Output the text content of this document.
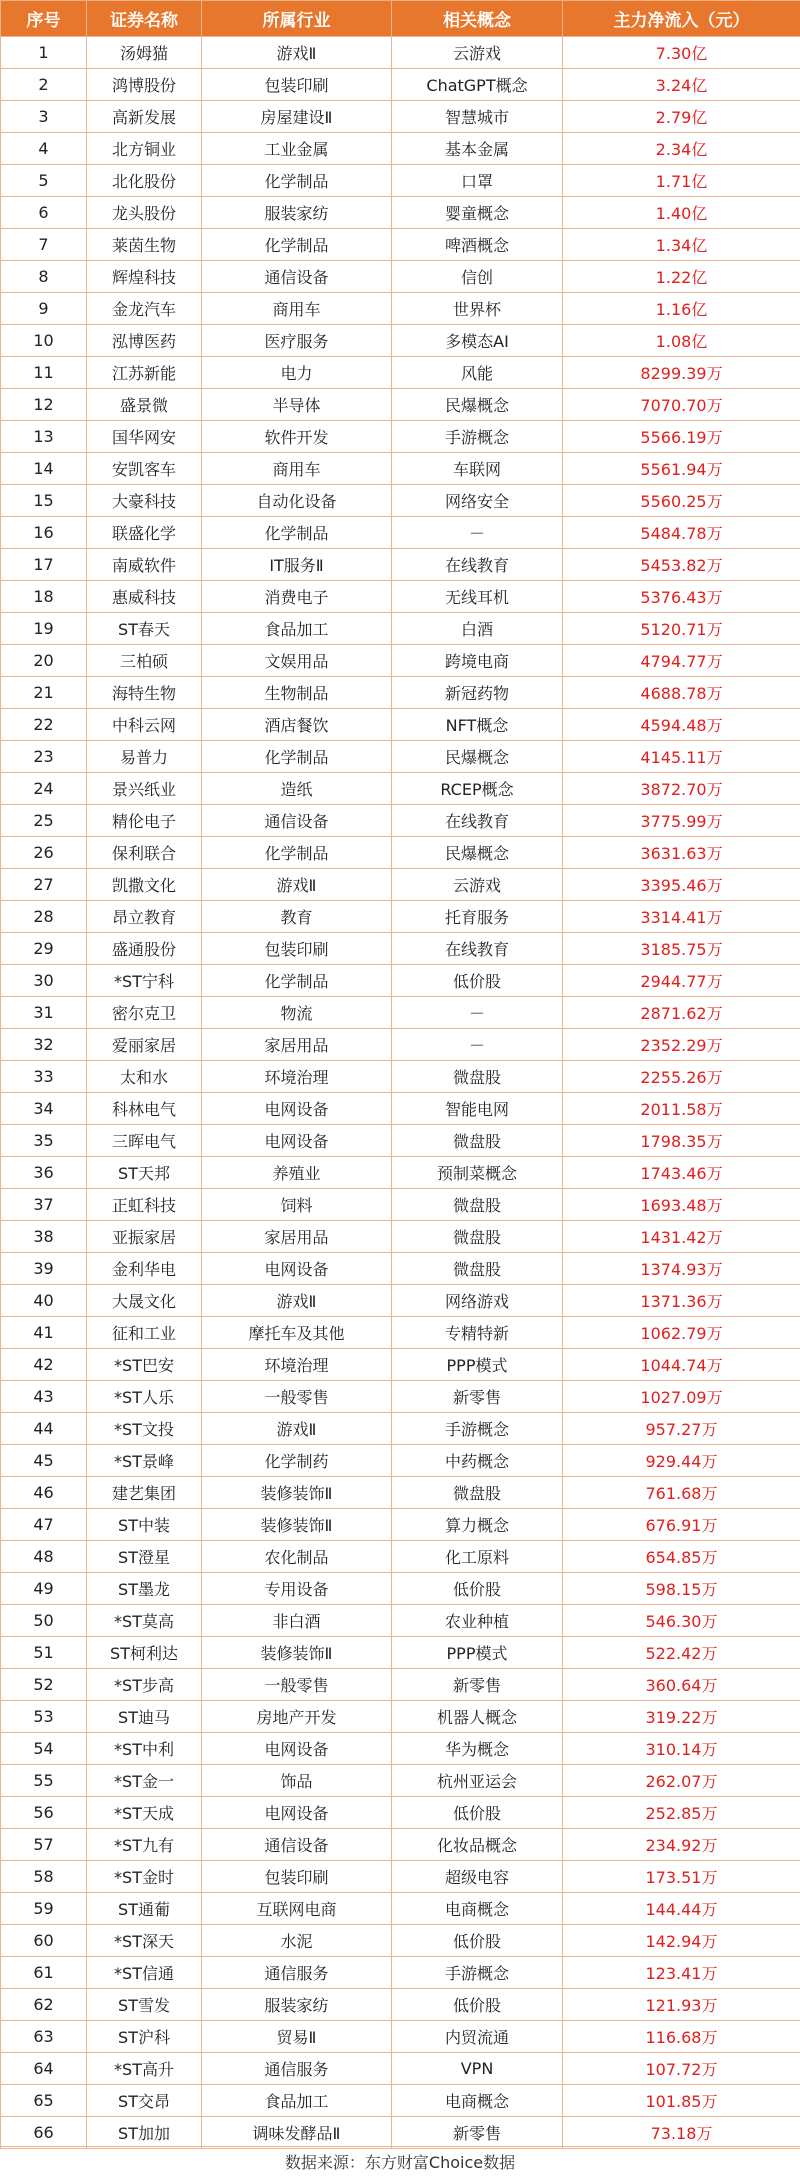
序号	证券名称	所属行业	相关概念	主力净流入（元）
1	汤姆猫	游戏Ⅱ	云游戏	7.30亿
2	鸿博股份	包装印刷	ChatGPT概念	3.24亿
3	高新发展	房屋建设Ⅱ	智慧城市	2.79亿
4	北方铜业	工业金属	基本金属	2.34亿
5	北化股份	化学制品	口罩	1.71亿
6	龙头股份	服装家纺	婴童概念	1.40亿
7	莱茵生物	化学制品	啤酒概念	1.34亿
8	辉煌科技	通信设备	信创	1.22亿
9	金龙汽车	商用车	世界杯	1.16亿
10	泓博医药	医疗服务	多模态AI	1.08亿
11	江苏新能	电力	风能	8299.39万
12	盛景微	半导体	民爆概念	7070.70万
13	国华网安	软件开发	手游概念	5566.19万
14	安凯客车	商用车	车联网	5561.94万
15	大豪科技	自动化设备	网络安全	5560.25万
16	联盛化学	化学制品	－	5484.78万
17	南威软件	IT服务Ⅱ	在线教育	5453.82万
18	惠威科技	消费电子	无线耳机	5376.43万
19	ST春天	食品加工	白酒	5120.71万
20	三柏硕	文娱用品	跨境电商	4794.77万
21	海特生物	生物制品	新冠药物	4688.78万
22	中科云网	酒店餐饮	NFT概念	4594.48万
23	易普力	化学制品	民爆概念	4145.11万
24	景兴纸业	造纸	RCEP概念	3872.70万
25	精伦电子	通信设备	在线教育	3775.99万
26	保利联合	化学制品	民爆概念	3631.63万
27	凯撒文化	游戏Ⅱ	云游戏	3395.46万
28	昂立教育	教育	托育服务	3314.41万
29	盛通股份	包装印刷	在线教育	3185.75万
30	*ST宁科	化学制品	低价股	2944.77万
31	密尔克卫	物流	－	2871.62万
32	爱丽家居	家居用品	－	2352.29万
33	太和水	环境治理	微盘股	2255.26万
34	科林电气	电网设备	智能电网	2011.58万
35	三晖电气	电网设备	微盘股	1798.35万
36	ST天邦	养殖业	预制菜概念	1743.46万
37	正虹科技	饲料	微盘股	1693.48万
38	亚振家居	家居用品	微盘股	1431.42万
39	金利华电	电网设备	微盘股	1374.93万
40	大晟文化	游戏Ⅱ	网络游戏	1371.36万
41	征和工业	摩托车及其他	专精特新	1062.79万
42	*ST巴安	环境治理	PPP模式	1044.74万
43	*ST人乐	一般零售	新零售	1027.09万
44	*ST文投	游戏Ⅱ	手游概念	957.27万
45	*ST景峰	化学制药	中药概念	929.44万
46	建艺集团	装修装饰Ⅱ	微盘股	761.68万
47	ST中装	装修装饰Ⅱ	算力概念	676.91万
48	ST澄星	农化制品	化工原料	654.85万
49	ST墨龙	专用设备	低价股	598.15万
50	*ST莫高	非白酒	农业种植	546.30万
51	ST柯利达	装修装饰Ⅱ	PPP模式	522.42万
52	*ST步高	一般零售	新零售	360.64万
53	ST迪马	房地产开发	机器人概念	319.22万
54	*ST中利	电网设备	华为概念	310.14万
55	*ST金一	饰品	杭州亚运会	262.07万
56	*ST天成	电网设备	低价股	252.85万
57	*ST九有	通信设备	化妆品概念	234.92万
58	*ST金时	包装印刷	超级电容	173.51万
59	ST通葡	互联网电商	电商概念	144.44万
60	*ST深天	水泥	低价股	142.94万
61	*ST信通	通信服务	手游概念	123.41万
62	ST雪发	服装家纺	低价股	121.93万
63	ST沪科	贸易Ⅱ	内贸流通	116.68万
64	*ST高升	通信服务	VPN	107.72万
65	ST交昂	食品加工	电商概念	101.85万
66	ST加加	调味发酵品Ⅱ	新零售	73.18万
数据来源：东方财富Choice数据
